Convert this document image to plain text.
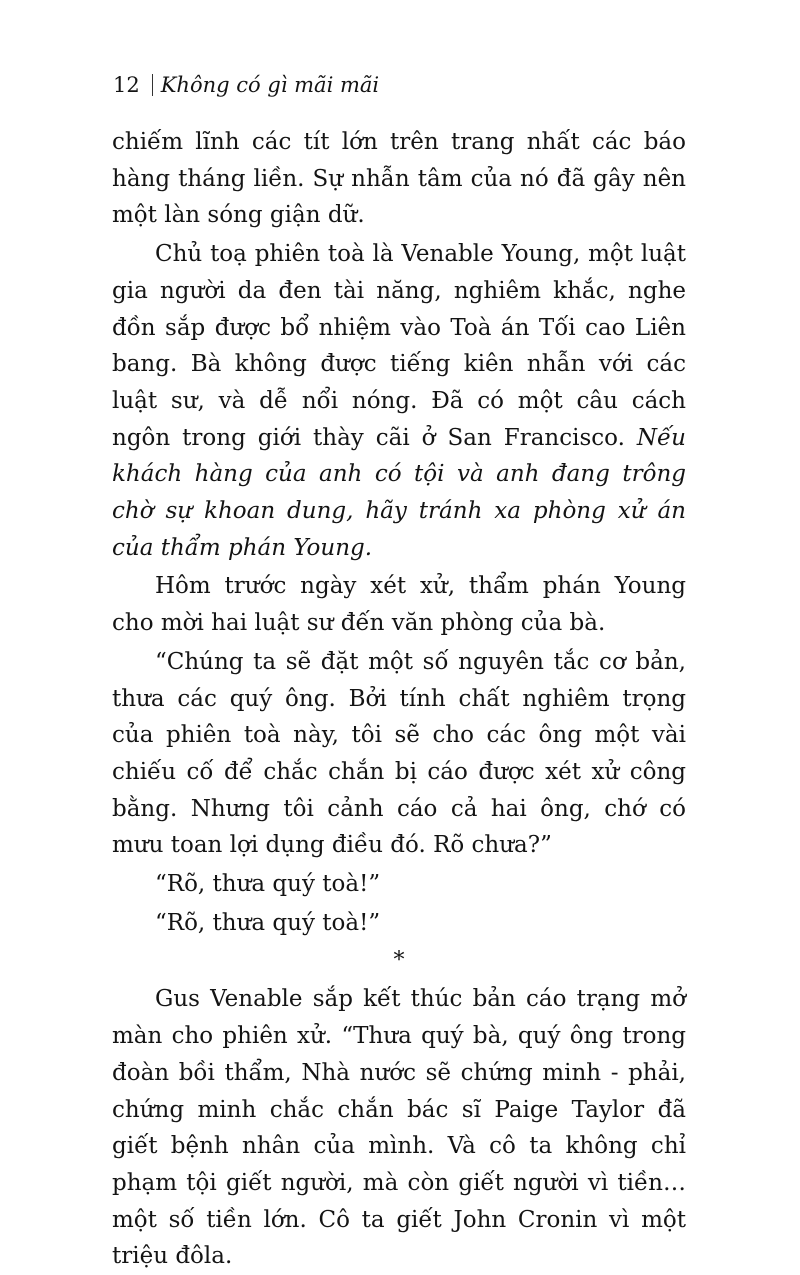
12 Không có gì mãi mãi

chiếm lĩnh các tít lớn trên trang nhất các báo hàng tháng liền. Sự nhẫn tâm của nó đã gây nên một làn sóng giận dữ.

Chủ toạ phiên toà là Venable Young, một luật gia người da đen tài năng, nghiêm khắc, nghe đồn sắp được bổ nhiệm vào Toà án Tối cao Liên bang. Bà không được tiếng kiên nhẫn với các luật sư, và dễ nổi nóng. Đã có một câu cách ngôn trong giới thày cãi ở San Francisco. Nếu khách hàng của anh có tội và anh đang trông chờ sự khoan dung, hãy tránh xa phòng xử án của thẩm phán Young.

Hôm trước ngày xét xử, thẩm phán Young cho mời hai luật sư đến văn phòng của bà.

“Chúng ta sẽ đặt một số nguyên tắc cơ bản, thưa các quý ông. Bởi tính chất nghiêm trọng của phiên toà này, tôi sẽ cho các ông một vài chiếu cố để chắc chắn bị cáo được xét xử công bằng. Nhưng tôi cảnh cáo cả hai ông, chớ có mưu toan lợi dụng điều đó. Rõ chưa?”

“Rõ, thưa quý toà!”

“Rõ, thưa quý toà!”

*

Gus Venable sắp kết thúc bản cáo trạng mở màn cho phiên xử. “Thưa quý bà, quý ông trong đoàn bồi thẩm, Nhà nước sẽ chứng minh - phải, chứng minh chắc chắn bác sĩ Paige Taylor đã giết bệnh nhân của mình. Và cô ta không chỉ phạm tội giết người, mà còn giết người vì tiền… một số tiền lớn. Cô ta giết John Cronin vì một triệu đôla.
